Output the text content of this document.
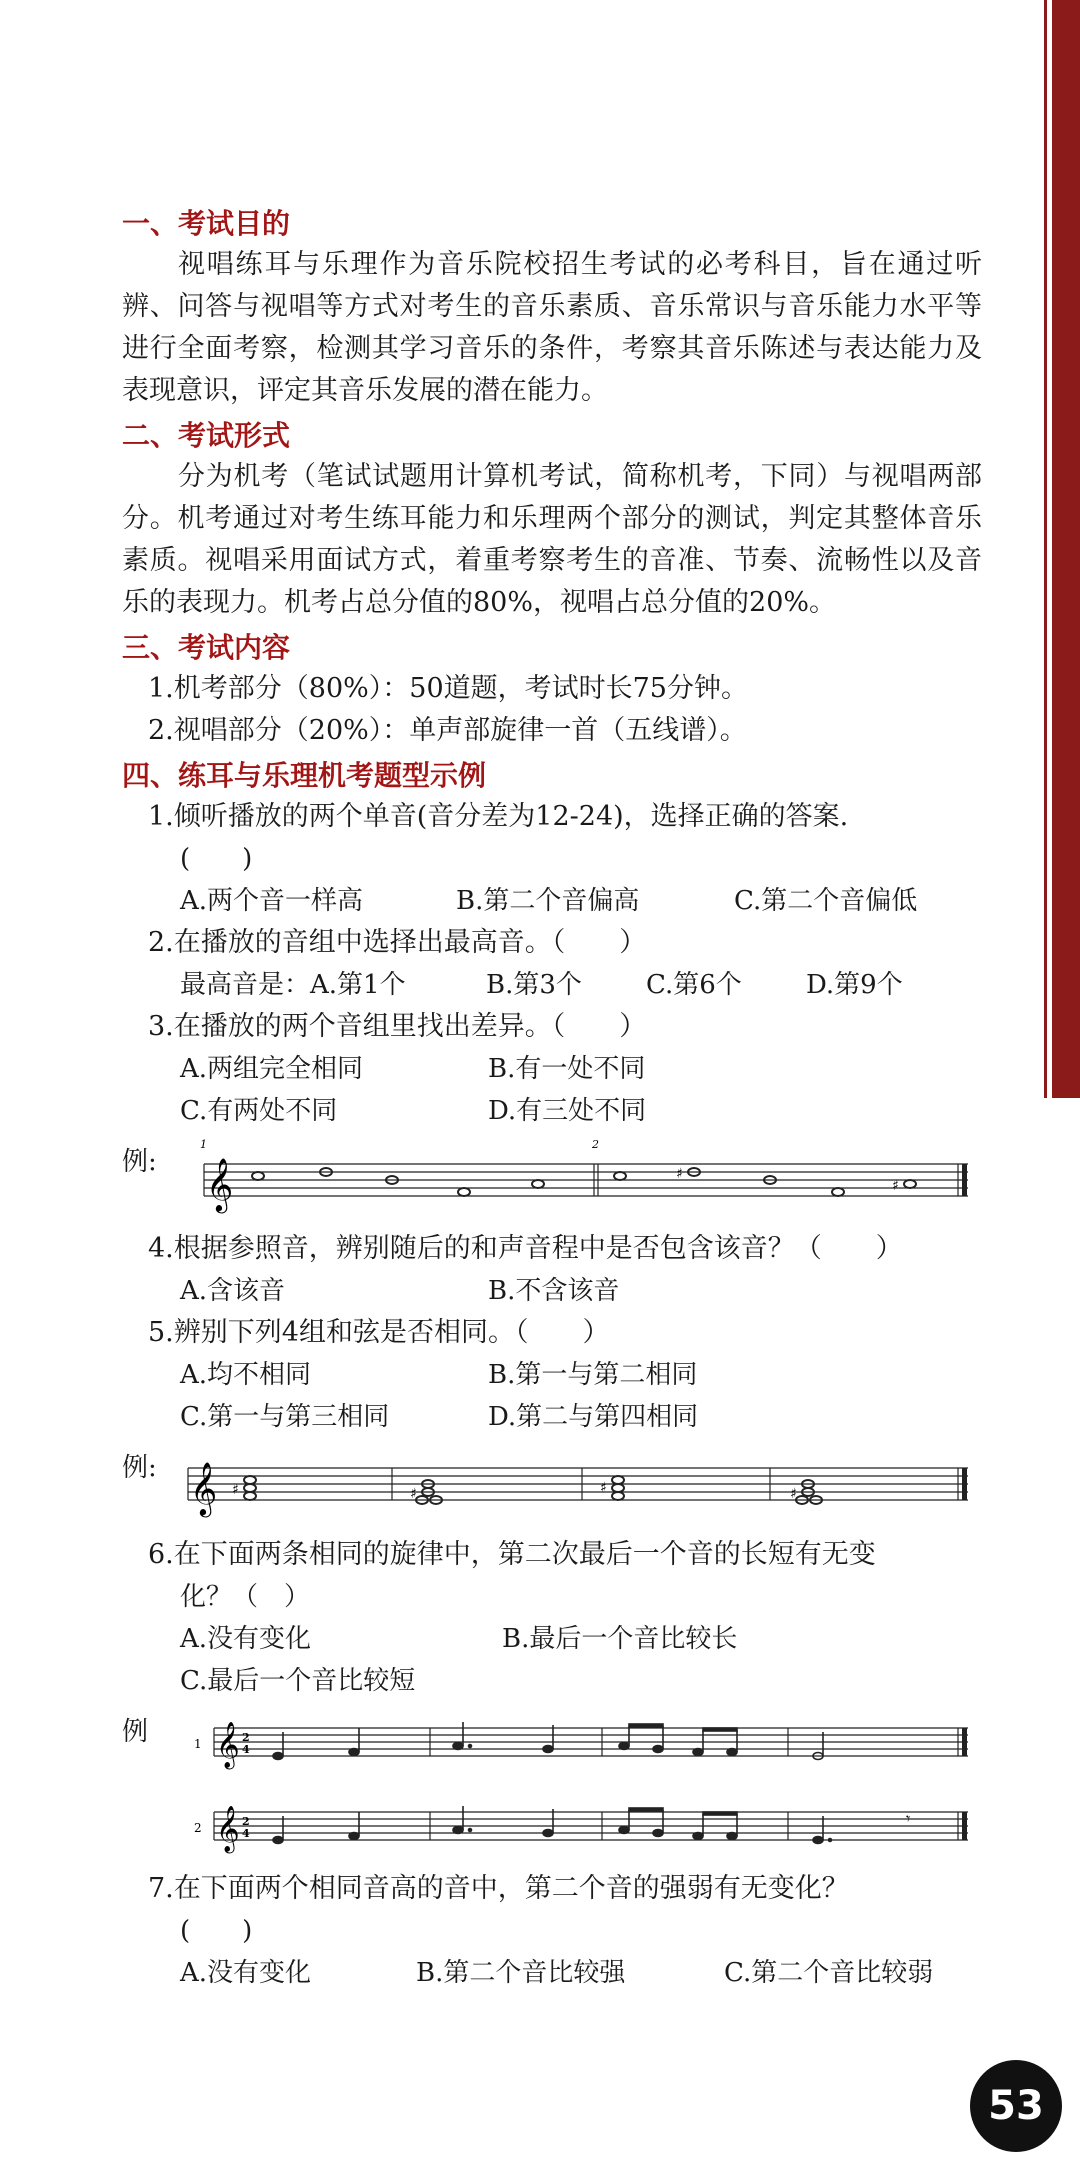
一、考试目的
视唱练耳与乐理作为音乐院校招生考试的必考科目，旨在通过听辨、问答与视唱等方式对考生的音乐素质、音乐常识与音乐能力水平等进行全面考察，检测其学习音乐的条件，考察其音乐陈述与表达能力及表现意识，评定其音乐发展的潜在能力。
二、考试形式
分为机考（笔试试题用计算机考试，简称机考，下同）与视唱两部分。机考通过对考生练耳能力和乐理两个部分的测试，判定其整体音乐素质。视唱采用面试方式，着重考察考生的音准、节奏、流畅性以及音乐的表现力。机考占总分值的80%，视唱占总分值的20%。
三、考试内容
1.机考部分（80%）：50道题，考试时长75分钟。
2.视唱部分（20%）：单声部旋律一首（五线谱）。
四、练耳与乐理机考题型示例
1.倾听播放的两个单音(音分差为12-24)，选择正确的答案.
(　　)
A.两个音一样高	B.第二个音偏高	C.第二个音偏低
2.在播放的音组中选择出最高音。（　　）
最高音是：A.第1个	B.第3个	C.第6个	D.第9个
3.在播放的两个音组里找出差异。（　　）
A.两组完全相同	B.有一处不同
C.有两处不同	D.有三处不同
例: 𝄞
1	2
♯
♯
4.根据参照音，辨别随后的和声音程中是否包含该音？（　　）
A.含该音	B.不含该音
5.辨别下列4组和弦是否相同。（　　）
A.均不相同	B.第一与第二相同
C.第一与第三相同	D.第二与第四相同
例: 𝄞 ♯	♯	♯	♯
6.在下面两条相同的旋律中，第二次最后一个音的长短有无变
化？（　）
A.没有变化	B.最后一个音比较长
C.最后一个音比较短
例	1
2
𝄞
𝄞
2
4
2
4
𝄾
7.在下面两个相同音高的音中，第二个音的强弱有无变化？
(　　)
A.没有变化	B.第二个音比较强	C.第二个音比较弱
53
